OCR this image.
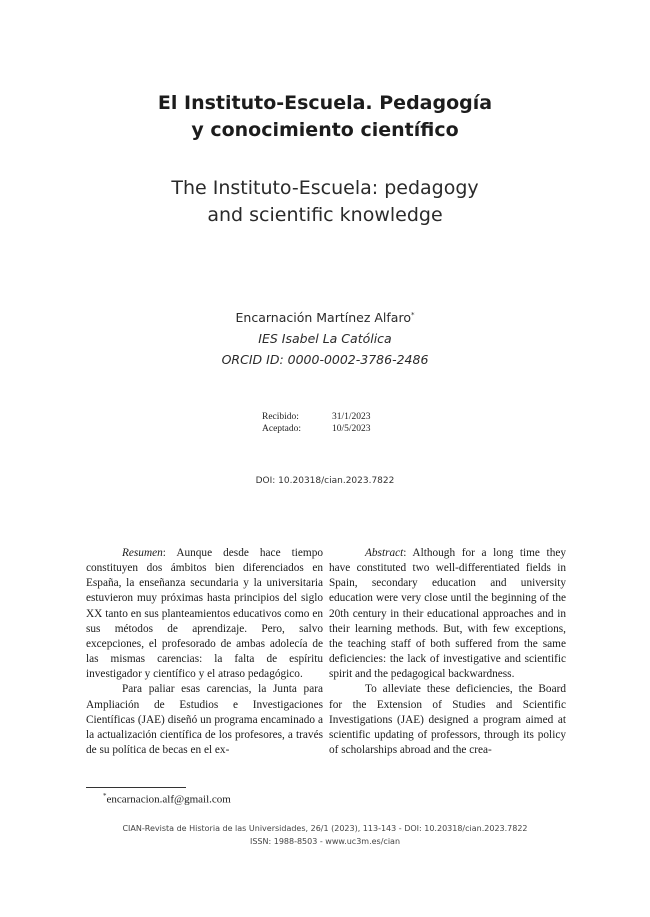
El Instituto-Escuela. Pedagogía
y conocimiento científico
The Instituto-Escuela: pedagogy
and scientific knowledge
Encarnación Martínez Alfaro*
IES Isabel La Católica
ORCID ID: 0000-0002-3786-2486
Recibido:	31/1/2023
Aceptado:	10/5/2023
DOI: 10.20318/cian.2023.7822

Resumen: Aunque desde hace tiempo constituyen dos ámbitos bien diferenciados en España, la enseñanza secundaria y la universitaria estuvieron muy próximas hasta principios del siglo XX tanto en sus planteamientos educativos como en sus métodos de aprendizaje. Pero, salvo excepciones, el profesorado de ambas adolecía de las mismas carencias: la falta de espíritu investigador y científico y el atraso pedagógico.

Para paliar esas carencias, la Junta para Ampliación de Estudios e Investigaciones Científicas (JAE) diseñó un programa encaminado a la actualización científica de los profesores, a través de su política de becas en el ex-

Abstract: Although for a long time they have constituted two well-differentiated fields in Spain, secondary education and university education were very close until the beginning of the 20th century in their educational approaches and in their learning methods. But, with few exceptions, the teaching staff of both suffered from the same deficiencies: the lack of investigative and scientific spirit and the pedagogical backwardness.

To alleviate these deficiencies, the Board for the Extension of Studies and Scientific Investigations (JAE) designed a program aimed at scientific updating of professors, through its policy of scholarships abroad and the crea-

*encarnacion.alf@gmail.com
CIAN-Revista de Historia de las Universidades, 26/1 (2023), 113-143 - DOI: 10.20318/cian.2023.7822
ISSN: 1988-8503 - www.uc3m.es/cian
